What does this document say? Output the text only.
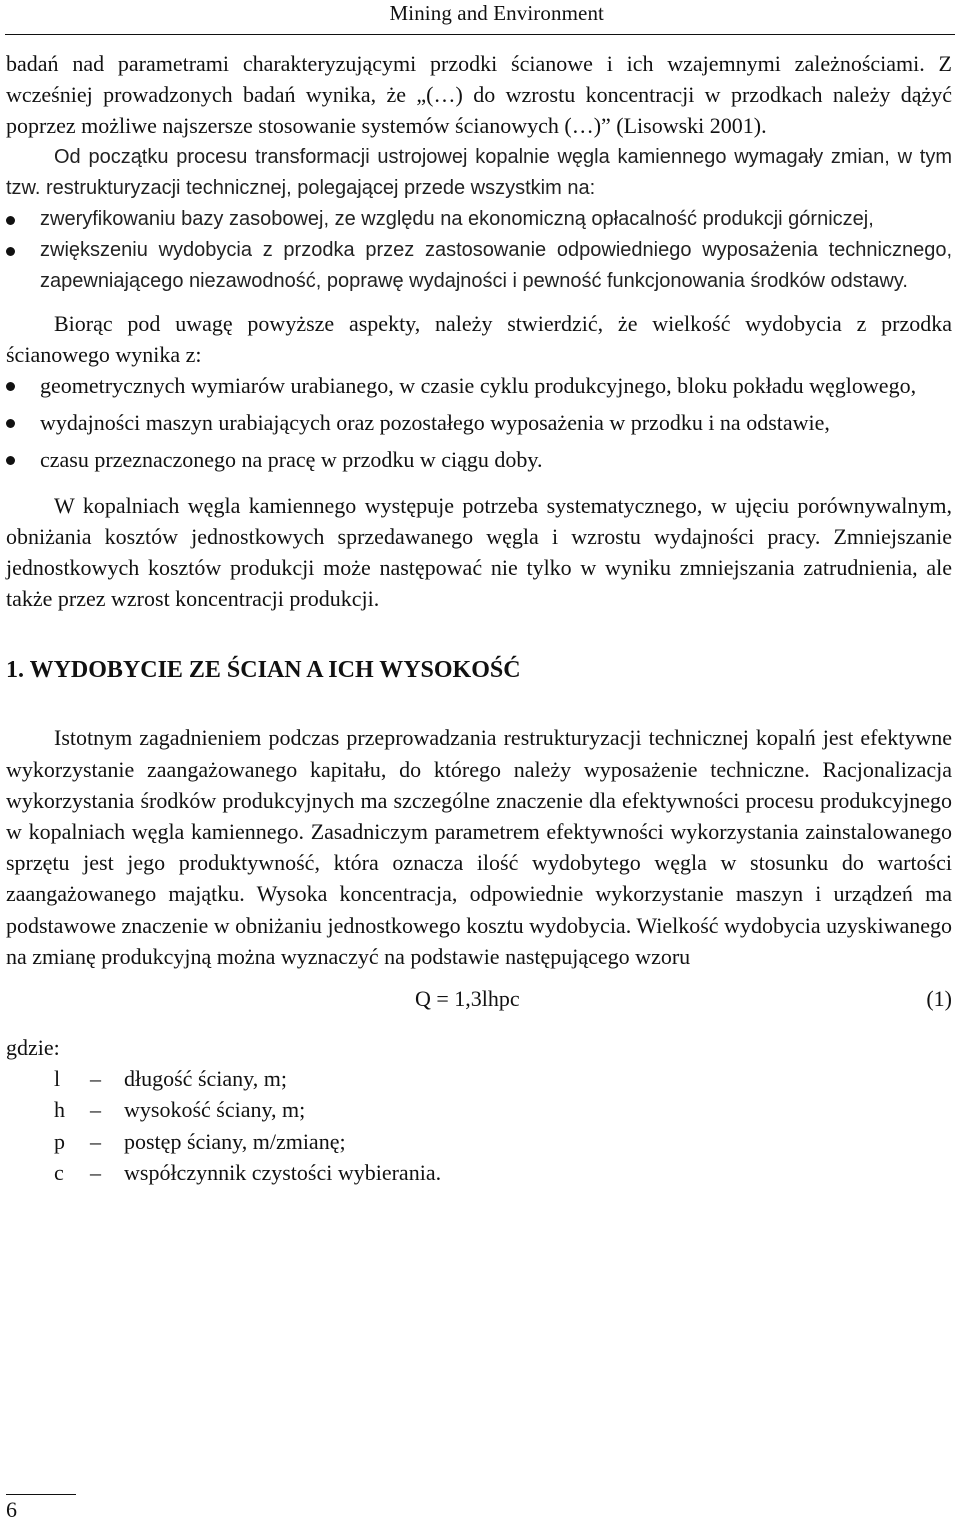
Mining and Environment

badań nad parametrami charakteryzującymi przodki ścianowe i ich wzajemnymi zależnościami. Z wcześniej prowadzonych badań wynika, że „(…) do wzrostu koncentracji w przodkach należy dążyć poprzez możliwe najszersze stosowanie systemów ścianowych (…)” (Lisowski 2001).

Od początku procesu transformacji ustrojowej kopalnie węgla kamiennego wymagały zmian, w tym tzw. restrukturyzacji technicznej, polegającej przede wszystkim na:

zweryfikowaniu bazy zasobowej, ze względu na ekonomiczną opłacalność produkcji górniczej,
zwiększeniu wydobycia z przodka przez zastosowanie odpowiedniego wyposażenia technicznego, zapewniającego niezawodność, poprawę wydajności i pewność funkcjonowania środków odstawy.

Biorąc pod uwagę powyższe aspekty, należy stwierdzić, że wielkość wydobycia z przodka ścianowego wynika z:

geometrycznych wymiarów urabianego, w czasie cyklu produkcyjnego, bloku pokładu węglowego,
wydajności maszyn urabiających oraz pozostałego wyposażenia w przodku i na odstawie,
czasu przeznaczonego na pracę w przodku w ciągu doby.

W kopalniach węgla kamiennego występuje potrzeba systematycznego, w ujęciu porównywalnym, obniżania kosztów jednostkowych sprzedawanego węgla i wzrostu wydajności pracy. Zmniejszanie jednostkowych kosztów produkcji może następować nie tylko w wyniku zmniejszania zatrudnienia, ale także przez wzrost koncentracji produkcji.

1. WYDOBYCIE ZE ŚCIAN A ICH WYSOKOŚĆ

Istotnym zagadnieniem podczas przeprowadzania restrukturyzacji technicznej kopalń jest efektywne wykorzystanie zaangażowanego kapitału, do którego należy wyposażenie techniczne. Racjonalizacja wykorzystania środków produkcyjnych ma szczególne znaczenie dla efektywności procesu produkcyjnego w kopalniach węgla kamiennego. Zasadniczym parametrem efektywności wykorzystania zainstalowanego sprzętu jest jego produktywność, która oznacza ilość wydobytego węgla w stosunku do wartości zaangażowanego majątku. Wysoka koncentracja, odpowiednie wykorzystanie maszyn i urządzeń ma podstawowe znaczenie w obniżaniu jednostkowego kosztu wydobycia. Wielkość wydobycia uzyskiwanego na zmianę produkcyjną można wyznaczyć na podstawie następującego wzoru

Q = 1,3lhpc	(1)
gdzie:
l	–	długość ściany, m;
h	–	wysokość ściany, m;
p	–	postęp ściany, m/zmianę;
c	–	współczynnik czystości wybierania.
6
